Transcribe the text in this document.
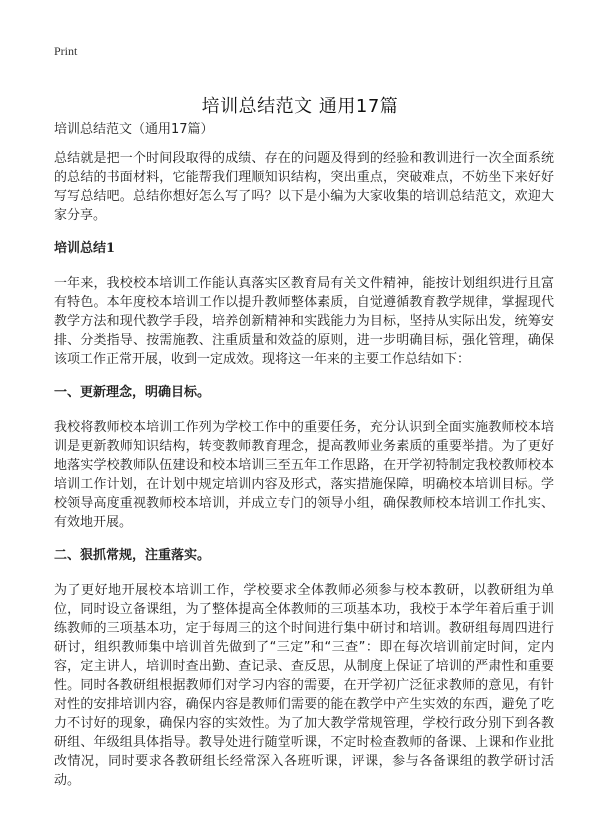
Print
培训总结范文 通用17篇
培训总结范文（通用17篇）

总结就是把一个时间段取得的成绩、存在的问题及得到的经验和教训进行一次全面系统的总结的书面材料，它能帮我们理顺知识结构，突出重点，突破难点，不妨坐下来好好写写总结吧。总结你想好怎么写了吗？以下是小编为大家收集的培训总结范文，欢迎大家分享。

培训总结1

一年来，我校校本培训工作能认真落实区教育局有关文件精神，能按计划组织进行且富有特色。本年度校本培训工作以提升教师整体素质，自觉遵循教育教学规律，掌握现代教学方法和现代教学手段，培养创新精神和实践能力为目标，坚持从实际出发，统筹安排、分类指导、按需施教、注重质量和效益的原则，进一步明确目标，强化管理，确保该项工作正常开展，收到一定成效。现将这一年来的主要工作总结如下：

一、更新理念，明确目标。

我校将教师校本培训工作列为学校工作中的重要任务，充分认识到全面实施教师校本培训是更新教师知识结构，转变教师教育理念，提高教师业务素质的重要举措。为了更好地落实学校教师队伍建设和校本培训三至五年工作思路，在开学初特制定我校教师校本培训工作计划，在计划中规定培训内容及形式，落实措施保障，明确校本培训目标。学校领导高度重视教师校本培训，并成立专门的领导小组，确保教师校本培训工作扎实、有效地开展。

二、狠抓常规，注重落实。

为了更好地开展校本培训工作，学校要求全体教师必须参与校本教研，以教研组为单位，同时设立备课组，为了整体提高全体教师的三项基本功，我校于本学年着后重于训练教师的三项基本功，定于每周三的这个时间进行集中研讨和培训。教研组每周四进行研讨，组织教师集中培训首先做到了“三定”和“三查”：即在每次培训前定时间，定内容，定主讲人，培训时查出勤、查记录、查反思，从制度上保证了培训的严肃性和重要性。同时各教研组根据教师们对学习内容的需要，在开学初广泛征求教师的意见，有针对性的安排培训内容，确保内容是教师们需要的能在教学中产生实效的东西，避免了吃力不讨好的现象，确保内容的实效性。为了加大教学常规管理，学校行政分别下到各教研组、年级组具体指导。教导处进行随堂听课，不定时检查教师的备课、上课和作业批改情况，同时要求各教研组长经常深入各班听课，评课，参与各备课组的教学研讨活动。
